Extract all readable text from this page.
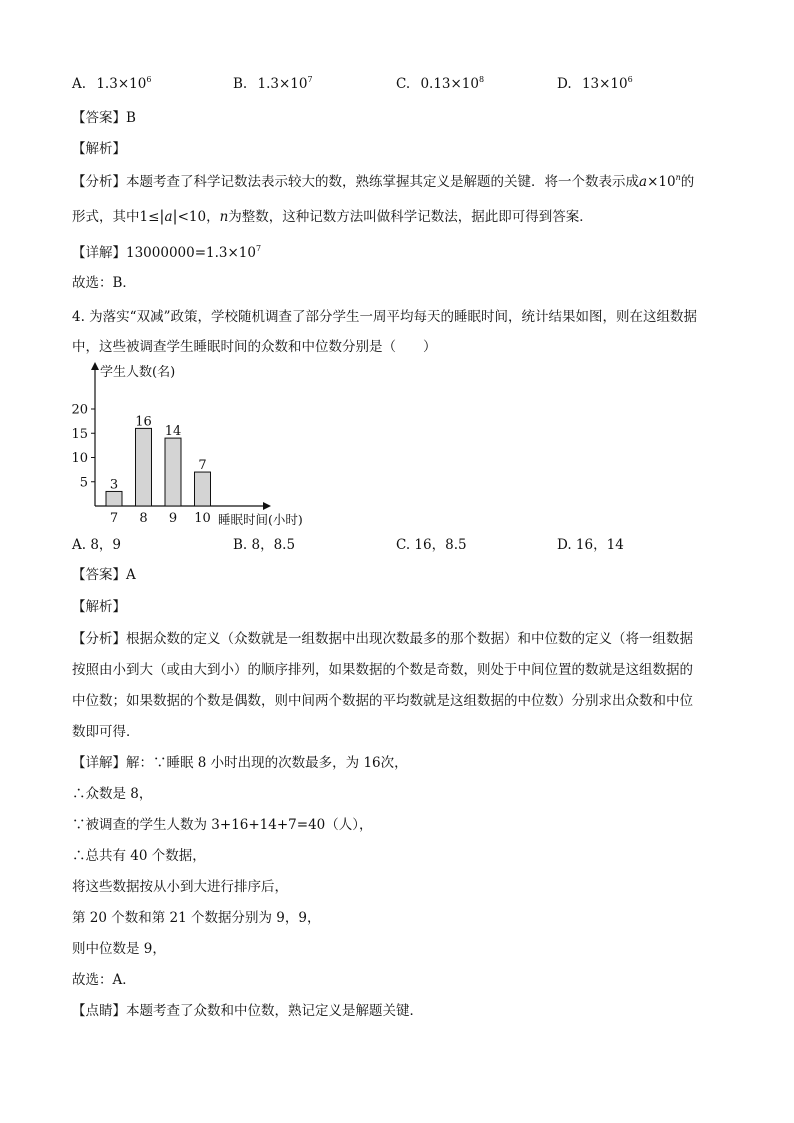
A. $1.3\times 10^6$	B. $1.3\times 10^7$	C. $0.13\times 10^8$	D. $13\times 10^6$
【答案】B
【解析】
【分析】本题考查了科学记数法表示较大的数，熟练掌握其定义是解题的关键．将一个数表示成$a\times 10^n$的
形式，其中1≤|a|<10，n为整数，这种记数方法叫做科学记数法，据此即可得到答案．
【详解】$13000000=1.3\times 10^7$
故选：B．
4. 为落实“双减”政策，学校随机调查了部分学生一周平均每天的睡眠时间，统计结果如图，则在这组数据
中，这些被调查学生睡眠时间的众数和中位数分别是（　　）
学生人数(名)
睡眠时间(小时)
5
10
15
20
3
7
16
8
14
9
7
10
A. 8，9	B. 8，8.5	C. 16，8.5	D. 16，14
【答案】A
【解析】
【分析】根据众数的定义（众数就是一组数据中出现次数最多的那个数据）和中位数的定义（将一组数据
按照由小到大（或由大到小）的顺序排列，如果数据的个数是奇数，则处于中间位置的数就是这组数据的
中位数；如果数据的个数是偶数，则中间两个数据的平均数就是这组数据的中位数）分别求出众数和中位
数即可得．
【详解】解：∵睡眠 8 小时出现的次数最多，为 16次，
∴众数是 8，
∵被调查的学生人数为 3+16+14+7=40（人），
∴总共有 40 个数据，
将这些数据按从小到大进行排序后，
第 20 个数和第 21 个数据分别为 9，9，
则中位数是 9，
故选：A．
【点睛】本题考查了众数和中位数，熟记定义是解题关键．
